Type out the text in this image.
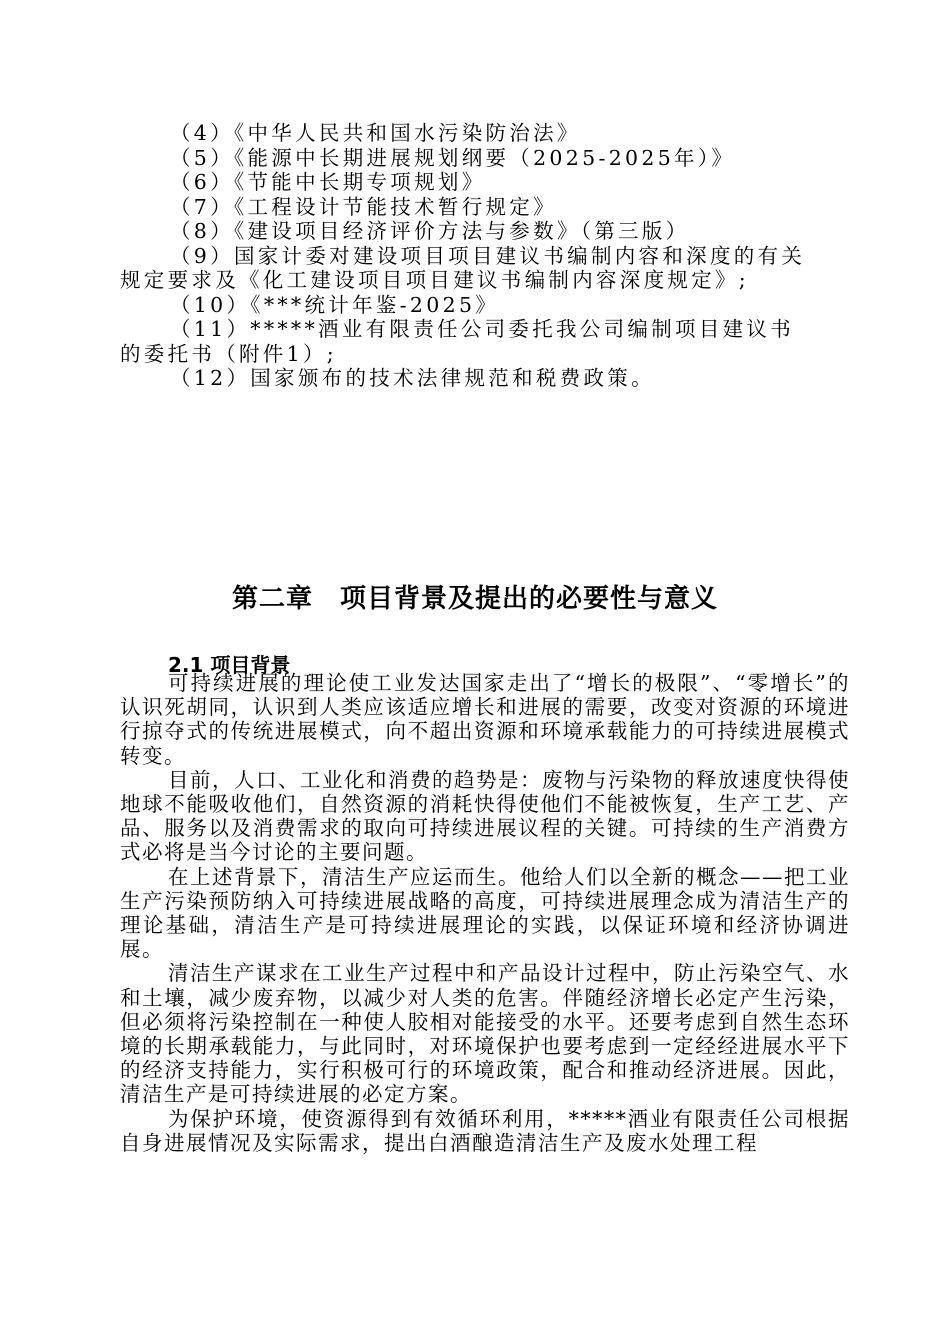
（4）《中华人民共和国水污染防治法》

（5）《能源中长期进展规划纲要（2025-2025年）》

（6）《节能中长期专项规划》

（7）《工程设计节能技术暂行规定》

（8）《建设项目经济评价方法与参数》（第三版）

（9）国家计委对建设项目项目建议书编制内容和深度的有关

规定要求及《化工建设项目项目建议书编制内容深度规定》;

（10）《***统计年鉴-2025》

（11）*****酒业有限责任公司委托我公司编制项目建议书

的委托书（附件1）;

（12）国家颁布的技术法律规范和税费政策。

第二章　项目背景及提出的必要性与意义
2.1 项目背景

可持续进展的理论使工业发达国家走出了“增长的极限”、“零增长”的认识死胡同，认识到人类应该适应增长和进展的需要，改变对资源的环境进行掠夺式的传统进展模式，向不超出资源和环境承载能力的可持续进展模式转变。

目前，人口、工业化和消费的趋势是：废物与污染物的释放速度快得使地球不能吸收他们，自然资源的消耗快得使他们不能被恢复，生产工艺、产品、服务以及消费需求的取向可持续进展议程的关键。可持续的生产消费方式必将是当今讨论的主要问题。

在上述背景下，清洁生产应运而生。他给人们以全新的概念——把工业生产污染预防纳入可持续进展战略的高度，可持续进展理念成为清洁生产的理论基础，清洁生产是可持续进展理论的实践，以保证环境和经济协调进展。

清洁生产谋求在工业生产过程中和产品设计过程中，防止污染空气、水和土壤，减少废弃物，以减少对人类的危害。伴随经济增长必定产生污染，但必须将污染控制在一种使人胶相对能接受的水平。还要考虑到自然生态环境的长期承载能力，与此同时，对环境保护也要考虑到一定经经进展水平下的经济支持能力，实行积极可行的环境政策，配合和推动经济进展。因此，清洁生产是可持续进展的必定方案。

为保护环境，使资源得到有效循环利用，*****酒业有限责任公司根据自身进展情况及实际需求，提出白酒酿造清洁生产及废水处理工程
